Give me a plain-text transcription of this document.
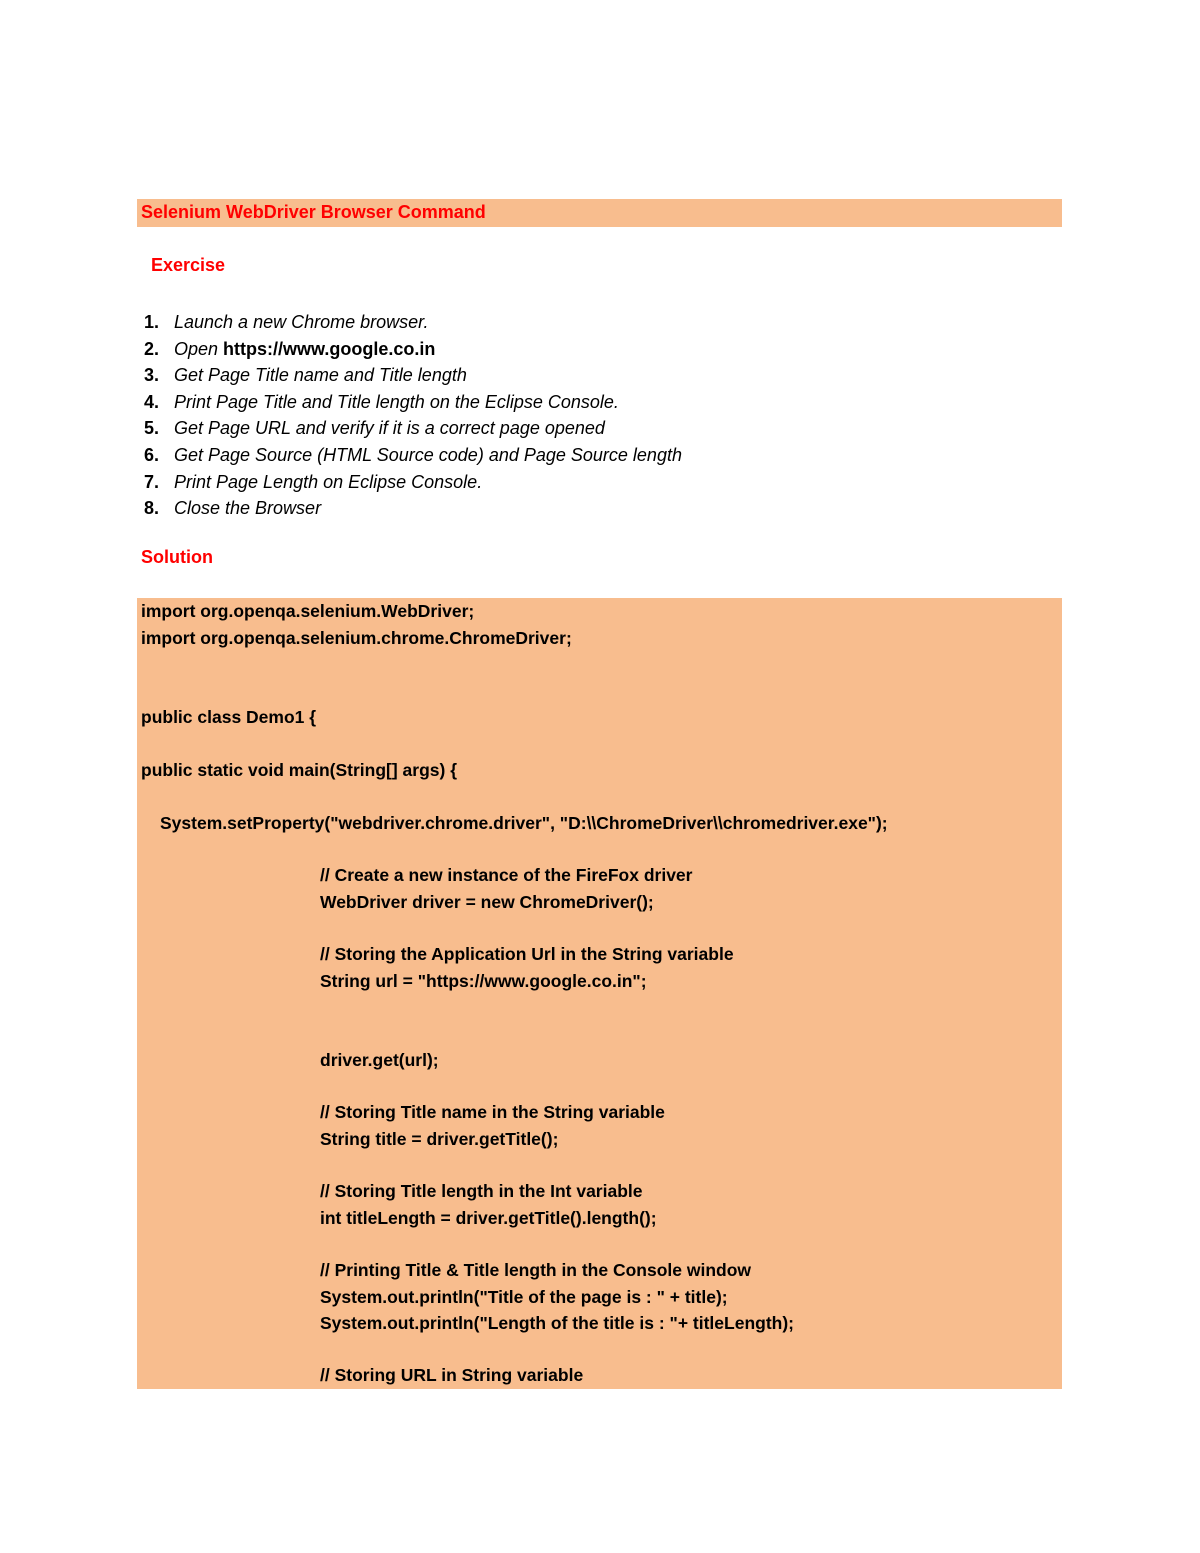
Selenium WebDriver Browser Command
Exercise
1. Launch a new Chrome browser.
2. Open https://www.google.co.in
3. Get Page Title name and Title length
4. Print Page Title and Title length on the Eclipse Console.
5. Get Page URL and verify if it is a correct page opened
6. Get Page Source (HTML Source code) and Page Source length
7. Print Page Length on Eclipse Console.
8. Close the Browser
Solution
import org.openqa.selenium.WebDriver;
import org.openqa.selenium.chrome.ChromeDriver;
public class Demo1 {
public static void main(String[] args) {
System.setProperty("webdriver.chrome.driver", "D:\\ChromeDriver\\chromedriver.exe");
// Create a new instance of the FireFox driver
WebDriver driver = new ChromeDriver();
// Storing the Application Url in the String variable
String url = "https://www.google.co.in";
driver.get(url);
// Storing Title name in the String variable
String title = driver.getTitle();
// Storing Title length in the Int variable
int titleLength = driver.getTitle().length();
// Printing Title & Title length in the Console window
System.out.println("Title of the page is : " + title);
System.out.println("Length of the title is : "+ titleLength);
// Storing URL in String variable
